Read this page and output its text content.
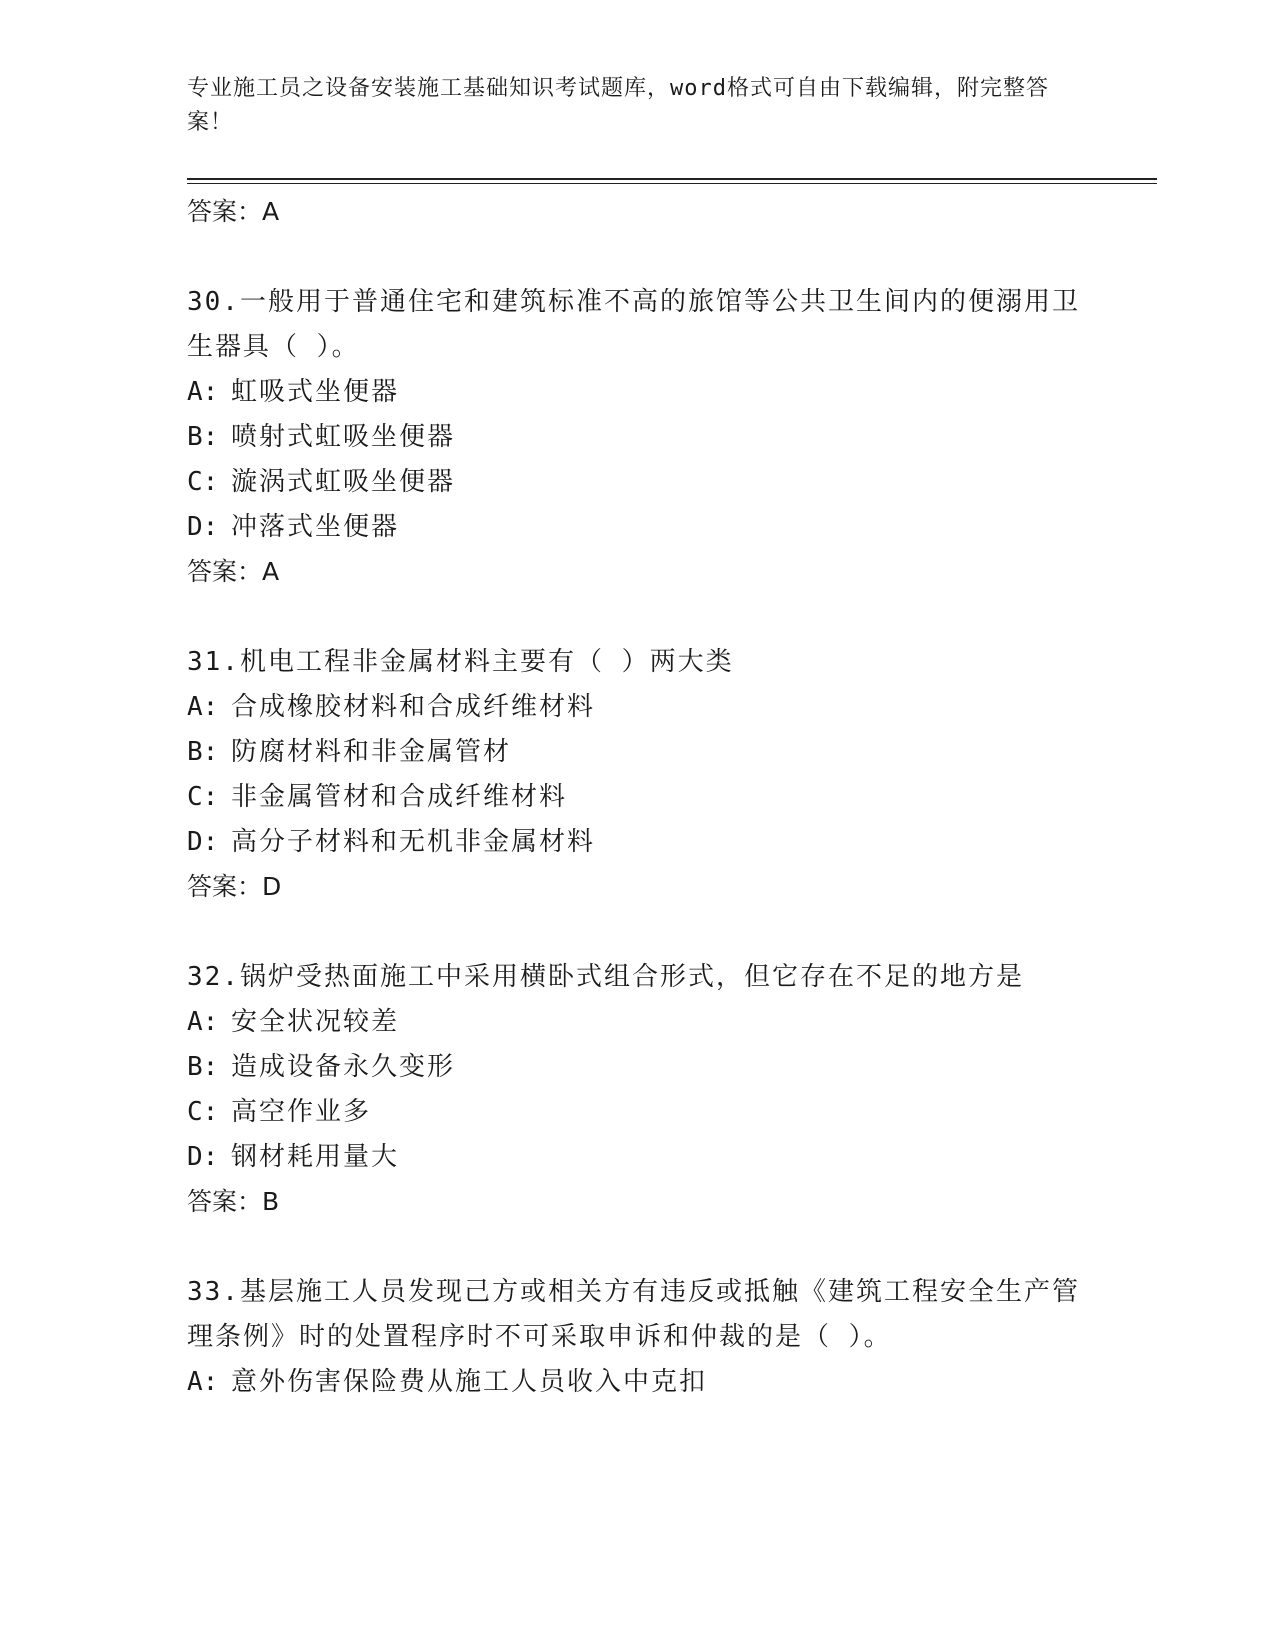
专业施工员之设备安装施工基础知识考试题库，word格式可自由下载编辑，附完整答案！
答案：A
30.一般用于普通住宅和建筑标准不高的旅馆等公共卫生间内的便溺用卫生器具（ ）。
A: 虹吸式坐便器
B: 喷射式虹吸坐便器
C: 漩涡式虹吸坐便器
D: 冲落式坐便器
答案：A
31.机电工程非金属材料主要有（ ）两大类
A: 合成橡胶材料和合成纤维材料
B: 防腐材料和非金属管材
C: 非金属管材和合成纤维材料
D: 高分子材料和无机非金属材料
答案：D
32.锅炉受热面施工中采用横卧式组合形式，但它存在不足的地方是
A: 安全状况较差
B: 造成设备永久变形
C: 高空作业多
D: 钢材耗用量大
答案：B
33.基层施工人员发现己方或相关方有违反或抵触《建筑工程安全生产管理条例》时的处置程序时不可采取申诉和仲裁的是（ ）。
A: 意外伤害保险费从施工人员收入中克扣
